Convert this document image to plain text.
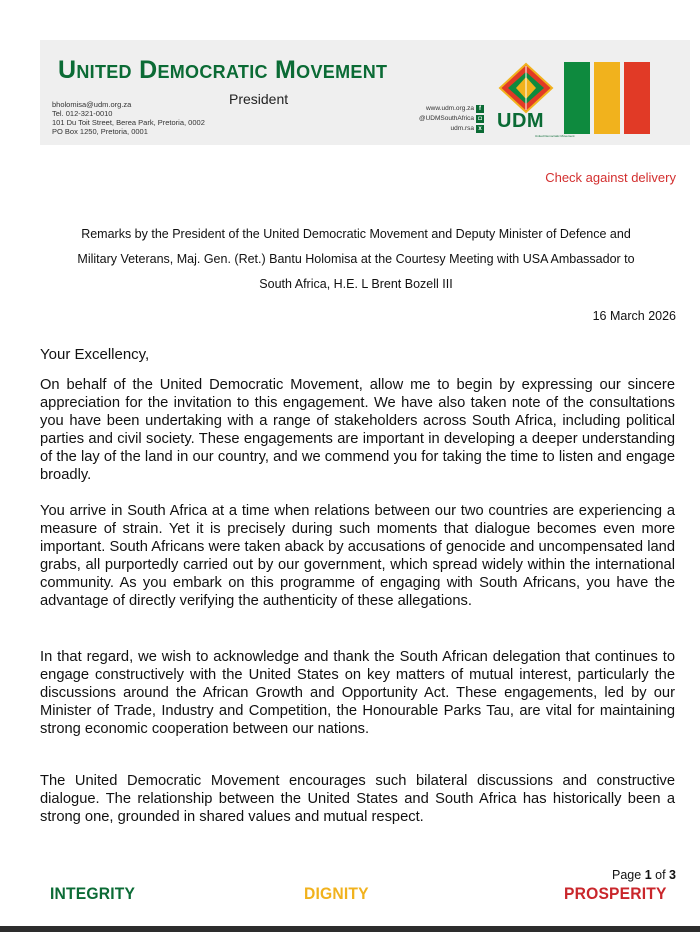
United Democratic Movement
President
bholomisa@udm.org.za
Tel. 012-321-0010
101 Du Toit Street, Berea Park, Pretoria, 0002
PO Box 1250, Pretoria, 0001
www.udm.org.za f
@UDMSouthAfrica ◘
udm.rsa x UDM
United Democratic Movement
Check against delivery
Remarks by the President of the United Democratic Movement and Deputy Minister of Defence and
Military Veterans, Maj. Gen. (Ret.) Bantu Holomisa at the Courtesy Meeting with USA Ambassador to
South Africa, H.E. L Brent Bozell III
16 March 2026
Your Excellency,

On behalf of the United Democratic Movement, allow me to begin by expressing our sincere appreciation for the invitation to this engagement. We have also taken note of the consultations you have been undertaking with a range of stakeholders across South Africa, including political parties and civil society. These engagements are important in developing a deeper understanding of the lay of the land in our country, and we commend you for taking the time to listen and engage broadly.

You arrive in South Africa at a time when relations between our two countries are experiencing a measure of strain. Yet it is precisely during such moments that dialogue becomes even more important. South Africans were taken aback by accusations of genocide and uncompensated land grabs, all purportedly carried out by our government, which spread widely within the international community. As you embark on this programme of engaging with South Africans, you have the advantage of directly verifying the authenticity of these allegations.

In that regard, we wish to acknowledge and thank the South African delegation that continues to engage constructively with the United States on key matters of mutual interest, particularly the discussions around the African Growth and Opportunity Act. These engagements, led by our Minister of Trade, Industry and Competition, the Honourable Parks Tau, are vital for maintaining strong economic cooperation between our nations.

The United Democratic Movement encourages such bilateral discussions and constructive dialogue. The relationship between the United States and South Africa has historically been a strong one, grounded in shared values and mutual respect.

Page 1 of 3
INTEGRITY	DIGNITY	PROSPERITY
